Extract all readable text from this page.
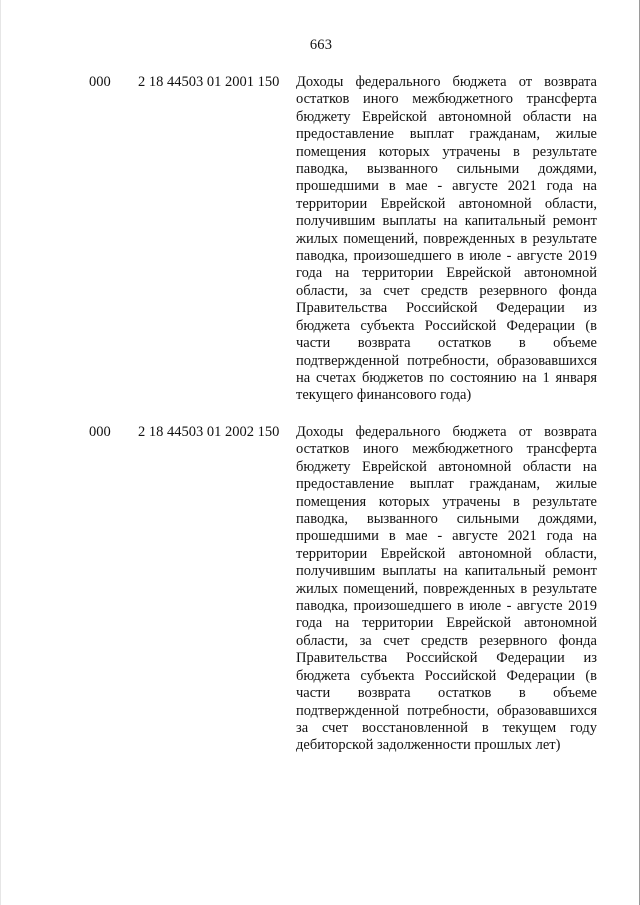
663
000 2 18 44503 01 2001 150 Доходы федерального бюджета от возврата остатков иного межбюджетного трансферта бюджету Еврейской автономной области на предоставление выплат гражданам, жилые помещения которых утрачены в результате паводка, вызванного сильными дождями, прошедшими в мае - августе 2021 года на территории Еврейской автономной области, получившим выплаты на капитальный ремонт жилых помещений, поврежденных в результате паводка, произошедшего в июле - августе 2019 года на территории Еврейской автономной области, за счет средств резервного фонда Правительства Российской Федерации из бюджета субъекта Российской Федерации (в части возврата остатков в объеме подтвержденной потребности, образовавшихся на счетах бюджетов по состоянию на 1 января текущего финансового года)
000 2 18 44503 01 2002 150 Доходы федерального бюджета от возврата остатков иного межбюджетного трансферта бюджету Еврейской автономной области на предоставление выплат гражданам, жилые помещения которых утрачены в результате паводка, вызванного сильными дождями, прошедшими в мае - августе 2021 года на территории Еврейской автономной области, получившим выплаты на капитальный ремонт жилых помещений, поврежденных в результате паводка, произошедшего в июле - августе 2019 года на территории Еврейской автономной области, за счет средств резервного фонда Правительства Российской Федерации из бюджета субъекта Российской Федерации (в части возврата остатков в объеме подтвержденной потребности, образовавшихся за счет восстановленной в текущем году дебиторской задолженности прошлых лет)
